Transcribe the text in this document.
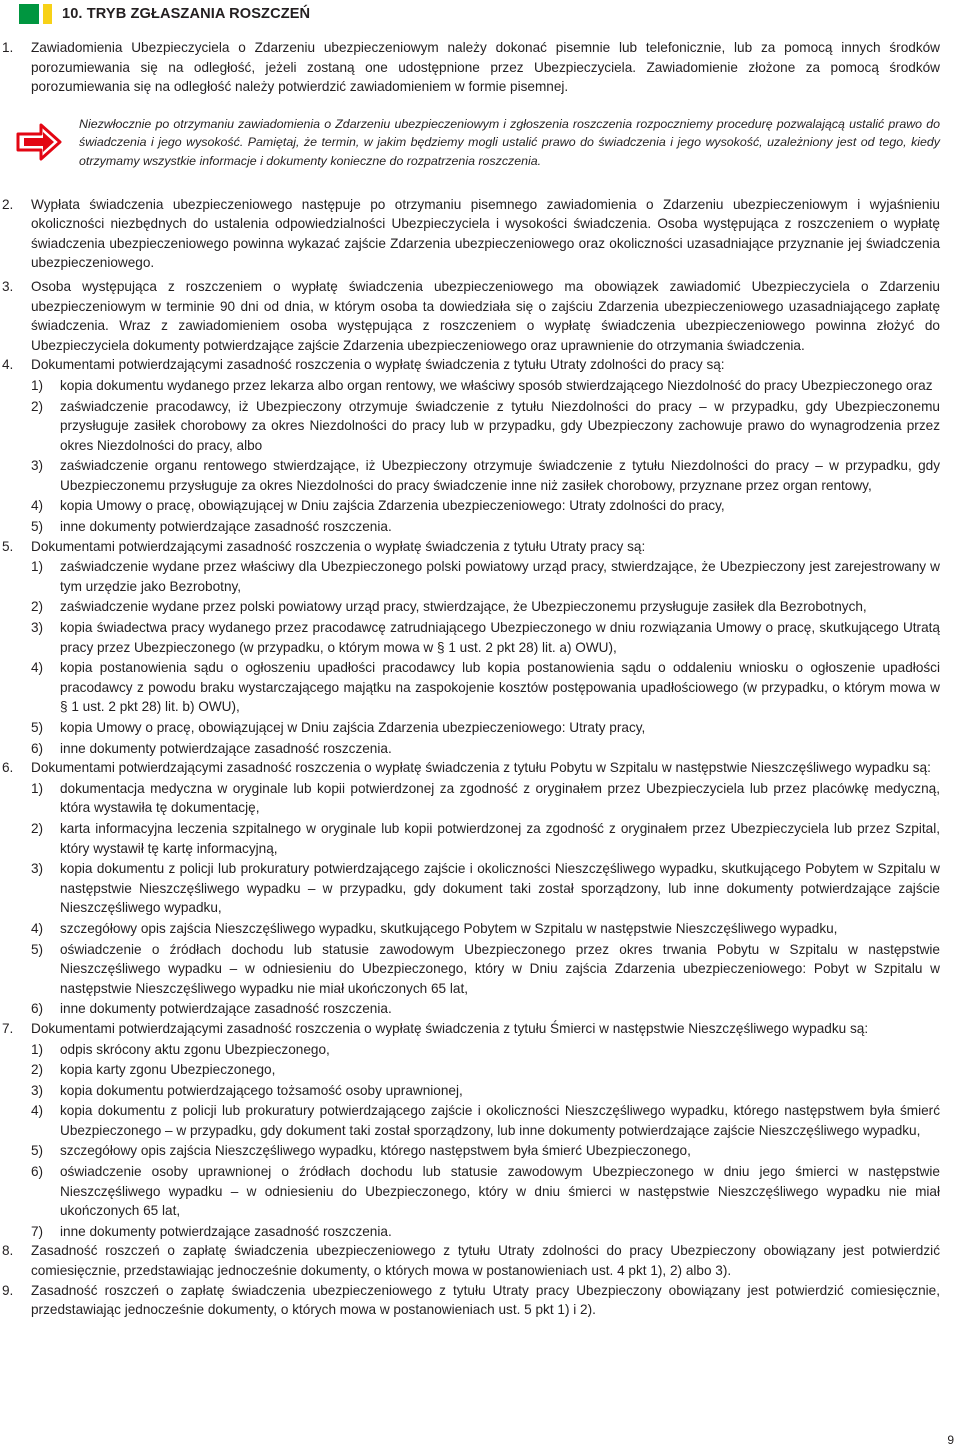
10. TRYB ZGŁASZANIA ROSZCZEŃ

1. Zawiadomienia Ubezpieczyciela o Zdarzeniu ubezpieczeniowym należy dokonać pisemnie lub telefonicznie, lub za pomocą innych środków porozumiewania się na odległość, jeżeli zostaną one udostępnione przez Ubezpieczyciela. Zawiadomienie złożone za pomocą środków porozumiewania się na odległość należy potwierdzić zawiadomieniem w formie pisemnej.

Niezwłocznie po otrzymaniu zawiadomienia o Zdarzeniu ubezpieczeniowym i zgłoszenia roszczenia rozpoczniemy procedurę pozwalającą ustalić prawo do świadczenia i jego wysokość. Pamiętaj, że termin, w jakim będziemy mogli ustalić prawo do świadczenia i jego wysokość, uzależniony jest od tego, kiedy otrzymamy wszystkie informacje i dokumenty konieczne do rozpatrzenia roszczenia.

2. Wypłata świadczenia ubezpieczeniowego następuje po otrzymaniu pisemnego zawiadomienia o Zdarzeniu ubezpieczeniowym i wyjaśnieniu okoliczności niezbędnych do ustalenia odpowiedzialności Ubezpieczyciela i wysokości świadczenia. Osoba występująca z roszczeniem o wypłatę świadczenia ubezpieczeniowego powinna wykazać zajście Zdarzenia ubezpieczeniowego oraz okoliczności uzasadniające przyznanie jej świadczenia ubezpieczeniowego.

3. Osoba występująca z roszczeniem o wypłatę świadczenia ubezpieczeniowego ma obowiązek zawiadomić Ubezpieczyciela o Zdarzeniu ubezpieczeniowym w terminie 90 dni od dnia, w którym osoba ta dowiedziała się o zajściu Zdarzenia ubezpieczeniowego uzasadniającego zapłatę świadczenia. Wraz z zawiadomieniem osoba występująca z roszczeniem o wypłatę świadczenia ubezpieczeniowego powinna złożyć do Ubezpieczyciela dokumenty potwierdzające zajście Zdarzenia ubezpieczeniowego oraz uprawnienie do otrzymania świadczenia.

4. Dokumentami potwierdzającymi zasadność roszczenia o wypłatę świadczenia z tytułu Utraty zdolności do pracy są:

1) kopia dokumentu wydanego przez lekarza albo organ rentowy, we właściwy sposób stwierdzającego Niezdolność do pracy Ubezpieczonego oraz

2) zaświadczenie pracodawcy, iż Ubezpieczony otrzymuje świadczenie z tytułu Niezdolności do pracy – w przypadku, gdy Ubezpieczonemu przysługuje zasiłek chorobowy za okres Niezdolności do pracy lub w przypadku, gdy Ubezpieczony zachowuje prawo do wynagrodzenia przez okres Niezdolności do pracy, albo

3) zaświadczenie organu rentowego stwierdzające, iż Ubezpieczony otrzymuje świadczenie z tytułu Niezdolności do pracy – w przypadku, gdy Ubezpieczonemu przysługuje za okres Niezdolności do pracy świadczenie inne niż zasiłek chorobowy, przyznane przez organ rentowy,

4) kopia Umowy o pracę, obowiązującej w Dniu zajścia Zdarzenia ubezpieczeniowego: Utraty zdolności do pracy,

5) inne dokumenty potwierdzające zasadność roszczenia.

5. Dokumentami potwierdzającymi zasadność roszczenia o wypłatę świadczenia z tytułu Utraty pracy są:

1) zaświadczenie wydane przez właściwy dla Ubezpieczonego polski powiatowy urząd pracy, stwierdzające, że Ubezpieczony jest zarejestrowany w tym urzędzie jako Bezrobotny,

2) zaświadczenie wydane przez polski powiatowy urząd pracy, stwierdzające, że Ubezpieczonemu przysługuje zasiłek dla Bezrobotnych,

3) kopia świadectwa pracy wydanego przez pracodawcę zatrudniającego Ubezpieczonego w dniu rozwiązania Umowy o pracę, skutkującego Utratą pracy przez Ubezpieczonego (w przypadku, o którym mowa w § 1 ust. 2 pkt 28) lit. a) OWU),

4) kopia postanowienia sądu o ogłoszeniu upadłości pracodawcy lub kopia postanowienia sądu o oddaleniu wniosku o ogłoszenie upadłości pracodawcy z powodu braku wystarczającego majątku na zaspokojenie kosztów postępowania upadłościowego (w przypadku, o którym mowa w § 1 ust. 2 pkt 28) lit. b) OWU),

5) kopia Umowy o pracę, obowiązującej w Dniu zajścia Zdarzenia ubezpieczeniowego: Utraty pracy,

6) inne dokumenty potwierdzające zasadność roszczenia.

6. Dokumentami potwierdzającymi zasadność roszczenia o wypłatę świadczenia z tytułu Pobytu w Szpitalu w następstwie Nieszczęśliwego wypadku są:

1) dokumentacja medyczna w oryginale lub kopii potwierdzonej za zgodność z oryginałem przez Ubezpieczyciela lub przez placówkę medyczną, która wystawiła tę dokumentację,

2) karta informacyjna leczenia szpitalnego w oryginale lub kopii potwierdzonej za zgodność z oryginałem przez Ubezpieczyciela lub przez Szpital, który wystawił tę kartę informacyjną,

3) kopia dokumentu z policji lub prokuratury potwierdzającego zajście i okoliczności Nieszczęśliwego wypadku, skutkującego Pobytem w Szpitalu w następstwie Nieszczęśliwego wypadku – w przypadku, gdy dokument taki został sporządzony, lub inne dokumenty potwierdzające zajście Nieszczęśliwego wypadku,

4) szczegółowy opis zajścia Nieszczęśliwego wypadku, skutkującego Pobytem w Szpitalu w następstwie Nieszczęśliwego wypadku,

5) oświadczenie o źródłach dochodu lub statusie zawodowym Ubezpieczonego przez okres trwania Pobytu w Szpitalu w następstwie Nieszczęśliwego wypadku – w odniesieniu do Ubezpieczonego, który w Dniu zajścia Zdarzenia ubezpieczeniowego: Pobyt w Szpitalu w następstwie Nieszczęśliwego wypadku nie miał ukończonych 65 lat,

6) inne dokumenty potwierdzające zasadność roszczenia.

7. Dokumentami potwierdzającymi zasadność roszczenia o wypłatę świadczenia z tytułu Śmierci w następstwie Nieszczęśliwego wypadku są:

1) odpis skrócony aktu zgonu Ubezpieczonego,

2) kopia karty zgonu Ubezpieczonego,

3) kopia dokumentu potwierdzającego tożsamość osoby uprawnionej,

4) kopia dokumentu z policji lub prokuratury potwierdzającego zajście i okoliczności Nieszczęśliwego wypadku, którego następstwem była śmierć Ubezpieczonego – w przypadku, gdy dokument taki został sporządzony, lub inne dokumenty potwierdzające zajście Nieszczęśliwego wypadku,

5) szczegółowy opis zajścia Nieszczęśliwego wypadku, którego następstwem była śmierć Ubezpieczonego,

6) oświadczenie osoby uprawnionej o źródłach dochodu lub statusie zawodowym Ubezpieczonego w dniu jego śmierci w następstwie Nieszczęśliwego wypadku – w odniesieniu do Ubezpieczonego, który w dniu śmierci w następstwie Nieszczęśliwego wypadku nie miał ukończonych 65 lat,

7) inne dokumenty potwierdzające zasadność roszczenia.

8. Zasadność roszczeń o zapłatę świadczenia ubezpieczeniowego z tytułu Utraty zdolności do pracy Ubezpieczony obowiązany jest potwierdzić comiesięcznie, przedstawiając jednocześnie dokumenty, o których mowa w postanowieniach ust. 4 pkt 1), 2) albo 3).

9. Zasadność roszczeń o zapłatę świadczenia ubezpieczeniowego z tytułu Utraty pracy Ubezpieczony obowiązany jest potwierdzić comiesięcznie, przedstawiając jednocześnie dokumenty, o których mowa w postanowieniach ust. 5 pkt 1) i 2).

9
